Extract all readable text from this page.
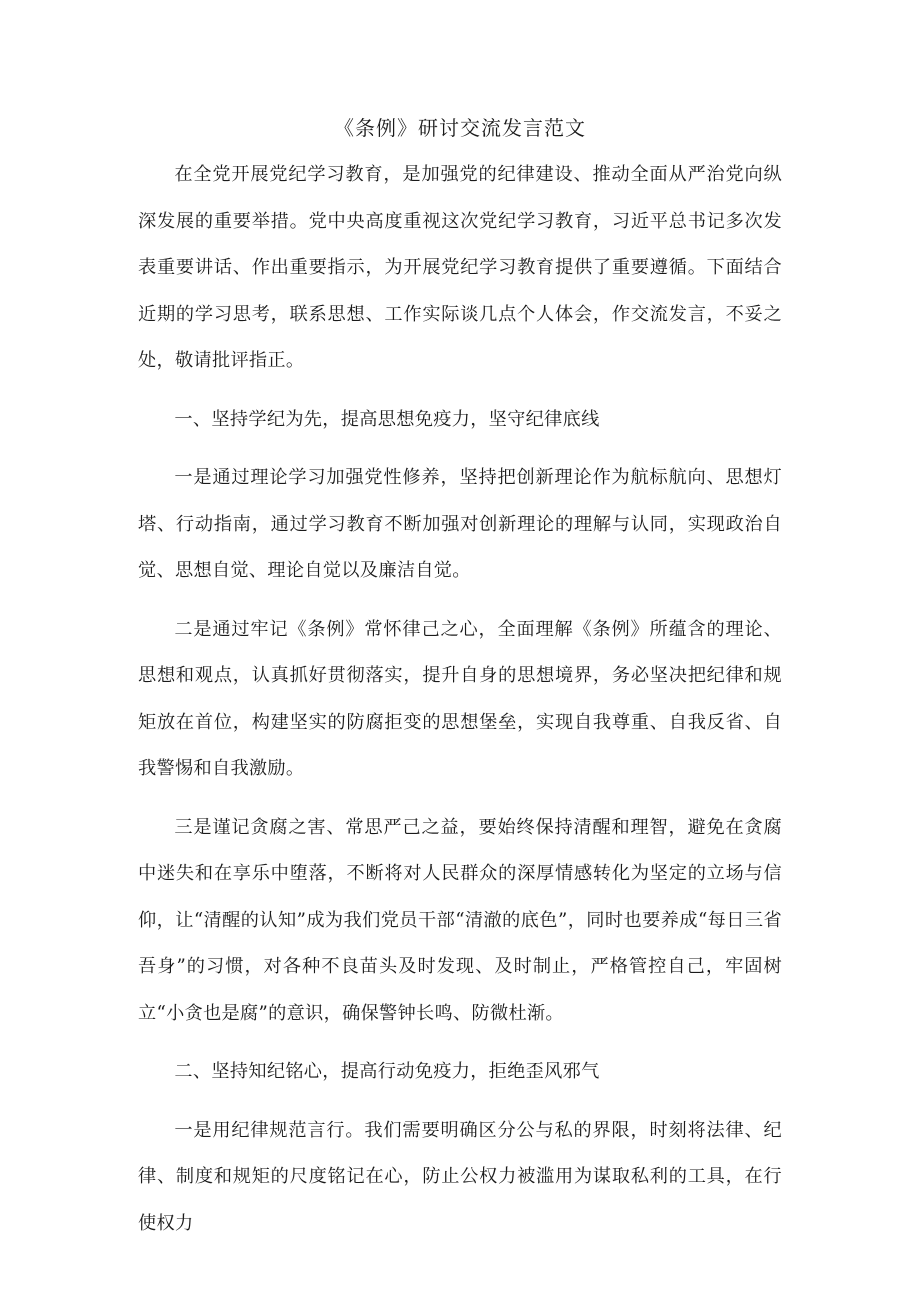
《条例》研讨交流发言范文

在全党开展党纪学习教育，是加强党的纪律建设、推动全面从严治党向纵深发展的重要举措。党中央高度重视这次党纪学习教育，习近平总书记多次发表重要讲话、作出重要指示，为开展党纪学习教育提供了重要遵循。下面结合近期的学习思考，联系思想、工作实际谈几点个人体会，作交流发言，不妥之处，敬请批评指正。

一、坚持学纪为先，提高思想免疫力，坚守纪律底线

一是通过理论学习加强党性修养，坚持把创新理论作为航标航向、思想灯塔、行动指南，通过学习教育不断加强对创新理论的理解与认同，实现政治自觉、思想自觉、理论自觉以及廉洁自觉。

二是通过牢记《条例》常怀律己之心，全面理解《条例》所蕴含的理论、思想和观点，认真抓好贯彻落实，提升自身的思想境界，务必坚决把纪律和规矩放在首位，构建坚实的防腐拒变的思想堡垒，实现自我尊重、自我反省、自我警惕和自我激励。

三是谨记贪腐之害、常思严己之益，要始终保持清醒和理智，避免在贪腐中迷失和在享乐中堕落，不断将对人民群众的深厚情感转化为坚定的立场与信仰，让“清醒的认知”成为我们党员干部“清澈的底色”，同时也要养成“每日三省吾身”的习惯，对各种不良苗头及时发现、及时制止，严格管控自己，牢固树立“小贪也是腐”的意识，确保警钟长鸣、防微杜渐。

二、坚持知纪铭心，提高行动免疫力，拒绝歪风邪气

一是用纪律规范言行。我们需要明确区分公与私的界限，时刻将法律、纪律、制度和规矩的尺度铭记在心，防止公权力被滥用为谋取私利的工具，在行使权力
